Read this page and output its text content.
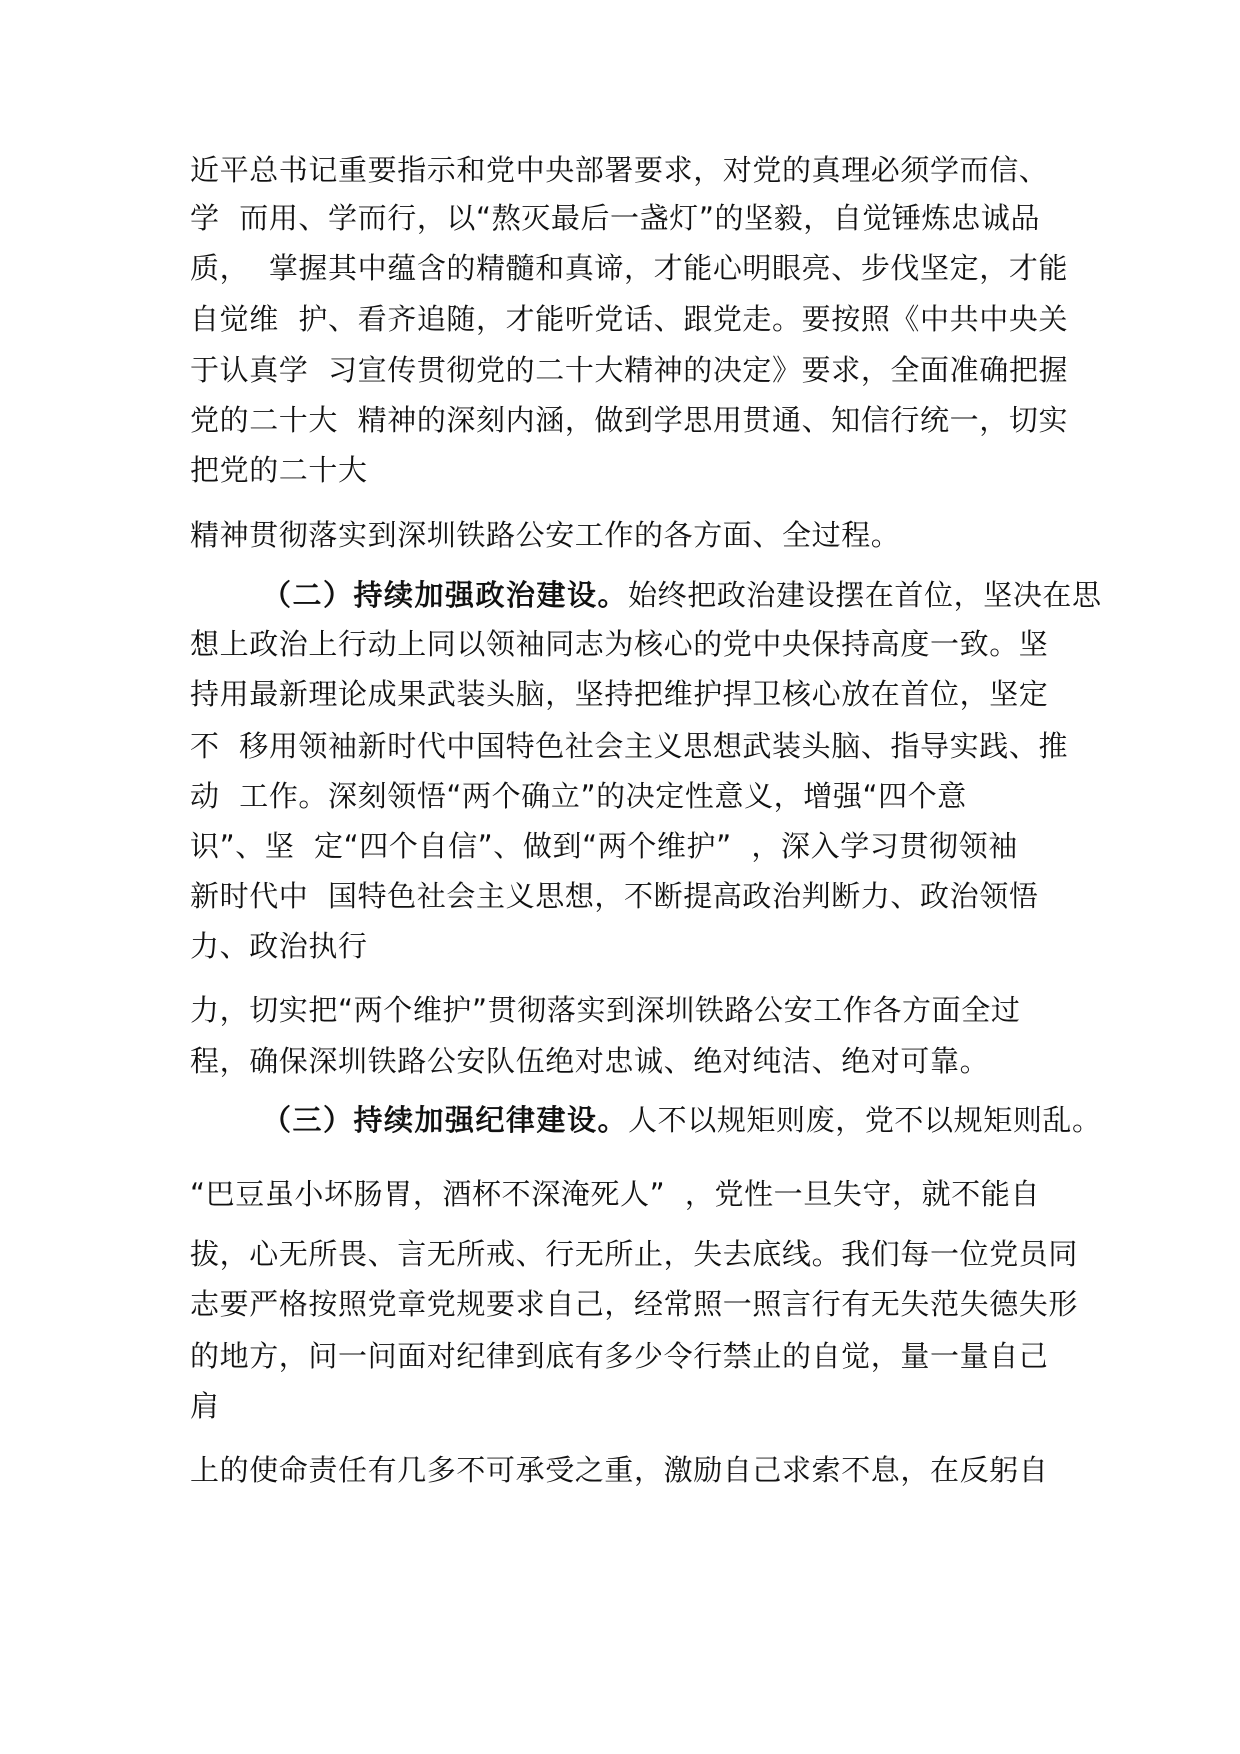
近平总书记重要指示和党中央部署要求，对党的真理必须学而信、
学  而用、学而行，以“熬灭最后一盏灯”的坚毅，自觉锤炼忠诚品
质，  掌握其中蕴含的精髓和真谛，才能心明眼亮、步伐坚定，才能
自觉维  护、看齐追随，才能听党话、跟党走。要按照《中共中央关
于认真学  习宣传贯彻党的二十大精神的决定》要求，全面准确把握
党的二十大  精神的深刻内涵，做到学思用贯通、知信行统一，切实
把党的二十大
精神贯彻落实到深圳铁路公安工作的各方面、全过程。
（二）持续加强政治建设。始终把政治建设摆在首位，坚决在思
想上政治上行动上同以领袖同志为核心的党中央保持高度一致。坚
持用最新理论成果武装头脑，坚持把维护捍卫核心放在首位，坚定
不  移用领袖新时代中国特色社会主义思想武装头脑、指导实践、推
动  工作。深刻领悟“两个确立”的决定性意义，增强“四个意
识”、坚  定“四个自信”、做到“两个维护”  ，深入学习贯彻领袖
新时代中  国特色社会主义思想，不断提高政治判断力、政治领悟
力、政治执行
力，切实把“两个维护”贯彻落实到深圳铁路公安工作各方面全过
程，确保深圳铁路公安队伍绝对忠诚、绝对纯洁、绝对可靠。
（三）持续加强纪律建设。人不以规矩则废，党不以规矩则乱。
“巴豆虽小坏肠胃，酒杯不深淹死人”  ，党性一旦失守，就不能自
拔，心无所畏、言无所戒、行无所止，失去底线。我们每一位党员同
志要严格按照党章党规要求自己，经常照一照言行有无失范失德失形
的地方，问一问面对纪律到底有多少令行禁止的自觉，量一量自己
肩
上的使命责任有几多不可承受之重，激励自己求索不息，在反躬自
